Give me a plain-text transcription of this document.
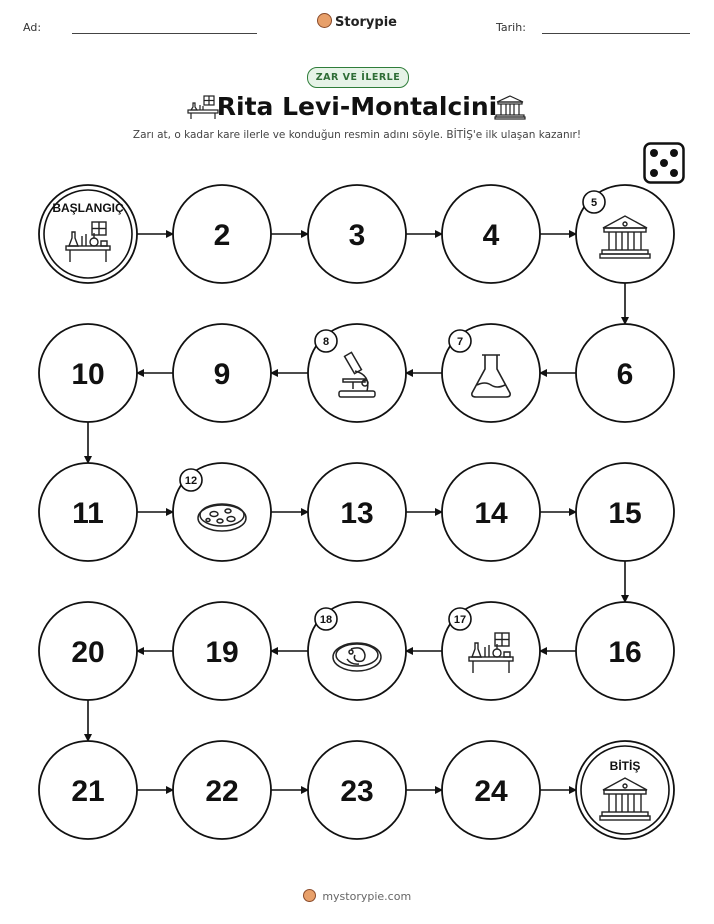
Ad:	Storypie	Tarih:
ZAR VE İLERLE
Rita Levi-Montalcini
Zarı at, o kadar kare ilerle ve konduğun resmin adını söyle. BİTİŞ'e ilk ulaşan kazanır!
BAŞLANGIÇ
2	3	4
5
6
7
8
9
10
11
12
13	14	15
16
17
18
19
20
21	22	23	24
BİTİŞ
mystorypie.com
